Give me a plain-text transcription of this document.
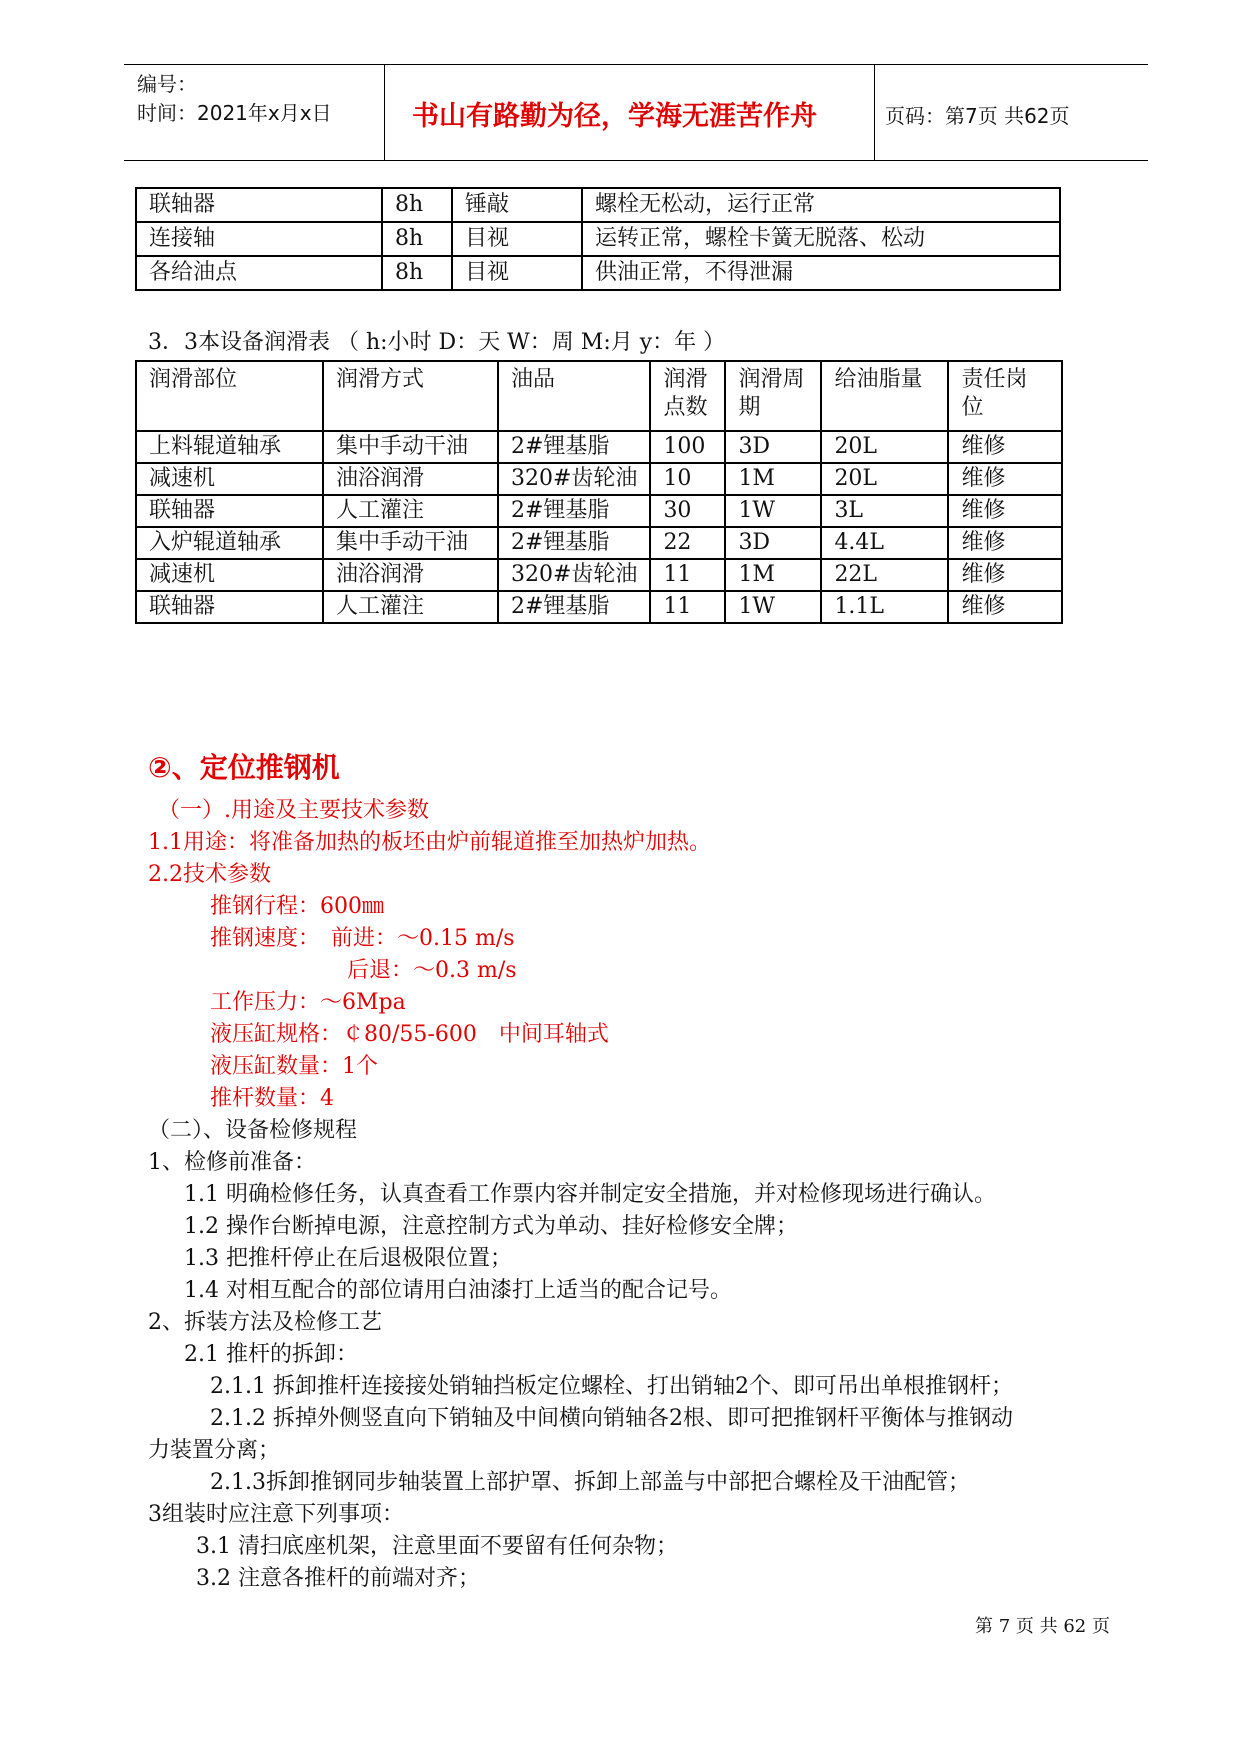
编号：
时间：2021年x月x日	书山有路勤为径，学海无涯苦作舟	页码：第7页 共62页
联轴器	8h	锤敲	螺栓无松动，运行正常
连接轴	8h	目视	运转正常，螺栓卡簧无脱落、松动
各给油点	8h	目视	供油正常，不得泄漏
3．3本设备润滑表 （ h:小时 D：天 W：周 M:月 y：年 ）
润滑部位	润滑方式	油品	润滑点数	润滑周期	给油脂量	责任岗位
上料辊道轴承	集中手动干油	2#锂基脂	100	3D	20L	维修
减速机	油浴润滑	320#齿轮油	10	1M	20L	维修
联轴器	人工灌注	2#锂基脂	30	1W	3L	维修
入炉辊道轴承	集中手动干油	2#锂基脂	22	3D	4.4L	维修
减速机	油浴润滑	320#齿轮油	11	1M	22L	维修
联轴器	人工灌注	2#锂基脂	11	1W	1.1L	维修
②、定位推钢机
（一）.用途及主要技术参数
1.1用途：将准备加热的板坯由炉前辊道推至加热炉加热。
2.2技术参数
推钢行程：600㎜
推钢速度：　前进：～0.15 m/s
后退：～0.3 m/s
工作压力：～6Mpa
液压缸规格：￠80/55-600　中间耳轴式
液压缸数量：1个
推杆数量：4
（二）、设备检修规程
1、检修前准备：
1.1 明确检修任务，认真查看工作票内容并制定安全措施，并对检修现场进行确认。
1.2 操作台断掉电源，注意控制方式为单动、挂好检修安全牌；
1.3 把推杆停止在后退极限位置；
1.4 对相互配合的部位请用白油漆打上适当的配合记号。
2、拆装方法及检修工艺
2.1 推杆的拆卸：
2.1.1 拆卸推杆连接接处销轴挡板定位螺栓、打出销轴2个、即可吊出单根推钢杆；
2.1.2 拆掉外侧竖直向下销轴及中间横向销轴各2根、即可把推钢杆平衡体与推钢动
力装置分离；
2.1.3拆卸推钢同步轴装置上部护罩、拆卸上部盖与中部把合螺栓及干油配管；
3组装时应注意下列事项：
3.1 清扫底座机架，注意里面不要留有任何杂物；
3.2 注意各推杆的前端对齐；
第 7 页 共 62 页
